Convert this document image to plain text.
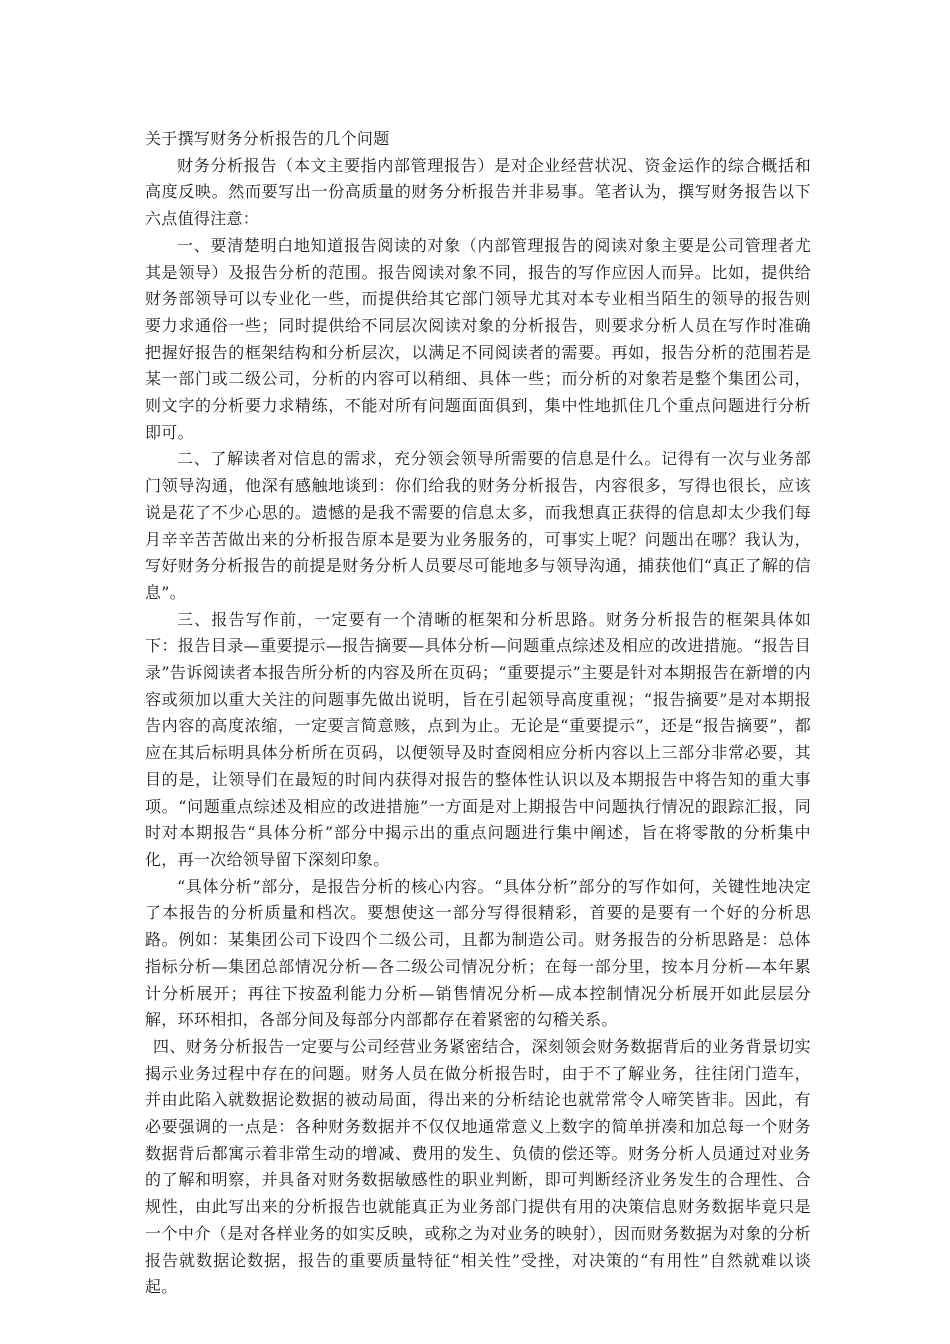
关于撰写财务分析报告的几个问题

财务分析报告（本文主要指内部管理报告）是对企业经营状况、资金运作的综合概括和高度反映。然而要写出一份高质量的财务分析报告并非易事。笔者认为，撰写财务报告以下六点值得注意：

一、要清楚明白地知道报告阅读的对象（内部管理报告的阅读对象主要是公司管理者尤其是领导）及报告分析的范围。报告阅读对象不同，报告的写作应因人而异。比如，提供给财务部领导可以专业化一些，而提供给其它部门领导尤其对本专业相当陌生的领导的报告则要力求通俗一些；同时提供给不同层次阅读对象的分析报告，则要求分析人员在写作时准确把握好报告的框架结构和分析层次，以满足不同阅读者的需要。再如，报告分析的范围若是某一部门或二级公司，分析的内容可以稍细、具体一些；而分析的对象若是整个集团公司，则文字的分析要力求精练，不能对所有问题面面俱到，集中性地抓住几个重点问题进行分析即可。

二、了解读者对信息的需求，充分领会领导所需要的信息是什么。记得有一次与业务部门领导沟通，他深有感触地谈到：你们给我的财务分析报告，内容很多，写得也很长，应该说是花了不少心思的。遗憾的是我不需要的信息太多，而我想真正获得的信息却太少我们每月辛辛苦苦做出来的分析报告原本是要为业务服务的，可事实上呢？问题出在哪？我认为，写好财务分析报告的前提是财务分析人员要尽可能地多与领导沟通，捕获他们“真正了解的信息”。

三、报告写作前，一定要有一个清晰的框架和分析思路。财务分析报告的框架具体如下：报告目录—重要提示—报告摘要—具体分析—问题重点综述及相应的改进措施。“报告目录”告诉阅读者本报告所分析的内容及所在页码；“重要提示”主要是针对本期报告在新增的内容或须加以重大关注的问题事先做出说明，旨在引起领导高度重视；“报告摘要”是对本期报告内容的高度浓缩，一定要言简意赅，点到为止。无论是“重要提示”，还是“报告摘要”，都应在其后标明具体分析所在页码，以便领导及时查阅相应分析内容以上三部分非常必要，其目的是，让领导们在最短的时间内获得对报告的整体性认识以及本期报告中将告知的重大事项。“问题重点综述及相应的改进措施”一方面是对上期报告中问题执行情况的跟踪汇报，同时对本期报告“具体分析”部分中揭示出的重点问题进行集中阐述，旨在将零散的分析集中化，再一次给领导留下深刻印象。

“具体分析”部分，是报告分析的核心内容。“具体分析”部分的写作如何，关键性地决定了本报告的分析质量和档次。要想使这一部分写得很精彩，首要的是要有一个好的分析思路。例如：某集团公司下设四个二级公司，且都为制造公司。财务报告的分析思路是：总体指标分析—集团总部情况分析—各二级公司情况分析；在每一部分里，按本月分析—本年累计分析展开；再往下按盈利能力分析—销售情况分析—成本控制情况分析展开如此层层分解，环环相扣，各部分间及每部分内部都存在着紧密的勾稽关系。

四、财务分析报告一定要与公司经营业务紧密结合，深刻领会财务数据背后的业务背景切实揭示业务过程中存在的问题。财务人员在做分析报告时，由于不了解业务，往往闭门造车，并由此陷入就数据论数据的被动局面，得出来的分析结论也就常常令人啼笑皆非。因此，有必要强调的一点是：各种财务数据并不仅仅地通常意义上数字的简单拼凑和加总每一个财务数据背后都寓示着非常生动的增减、费用的发生、负债的偿还等。财务分析人员通过对业务的了解和明察，并具备对财务数据敏感性的职业判断，即可判断经济业务发生的合理性、合规性，由此写出来的分析报告也就能真正为业务部门提供有用的决策信息财务数据毕竟只是一个中介（是对各样业务的如实反映，或称之为对业务的映射），因而财务数据为对象的分析报告就数据论数据，报告的重要质量特征“相关性”受挫，对决策的“有用性”自然就难以谈起。
